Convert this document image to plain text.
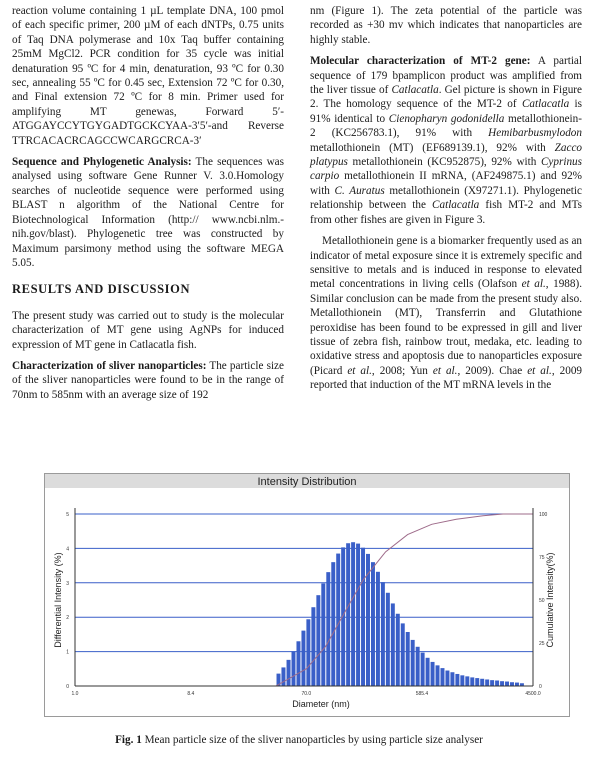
reaction volume containing 1 µL template DNA, 100 pmol of each specific primer, 200 µM of each dNTPs, 0.75 units of Taq DNA polymerase and 10x Taq buffer containing 25mM MgCl2. PCR condition for 35 cycle was initial denaturation 95 ºC for 4 min, denaturation, 93 ºC for 0.30 sec, annealing 55 ºC for 0.45 sec, Extension 72 ºC for 0.30, and Final extension 72 ºC for 8 min. Primer used for amplifying MT genewas, Forward 5′- ATGGAYCCYTGYGADTGCKCYAA-3′5′-and Reverse TTRCACACRCAGCCWCARGCRCA-3′

Sequence and Phylogenetic Analysis: The sequences was analysed using software Gene Runner V. 3.0.Homology searches of nucleotide sequence were performed using BLAST n algorithm of the National Centre for Biotechnological Information (http:// www.ncbi.nlm.-nih.gov/blast). Phylogenetic tree was constructed by Maximum parsimony method using the software MEGA 5.05.

RESULTS AND DISCUSSION

The present study was carried out to study is the molecular characterization of MT gene using AgNPs for induced expression of MT gene in Catlacatla fish.

Characterization of sliver nanoparticles: The particle size of the sliver nanoparticles were found to be in the range of 70nm to 585nm with an average size of 192

nm (Figure 1). The zeta potential of the particle was recorded as +30 mv which indicates that nanoparticles are highly stable.

Molecular characterization of MT-2 gene: A partial sequence of 179 bpamplicon product was amplified from the liver tissue of Catlacatla. Gel picture is shown in Figure 2. The homology sequence of the MT-2 of Catlacatla is 91% identical to Cienopharyn godonidella metallothionein-2 (KC256783.1), 91% with Hemibarbusmylodon metallothionein (MT) (EF689139.1), 92% with Zacco platypus metallothionein (KC952875), 92% with Cyprinus carpio metallothionein II mRNA, (AF249875.1) and 92% with C. Auratus metallothionein (X97271.1). Phylogenetic relationship between the Catlacatla fish MT-2 and MTs from other fishes are given in Figure 3.

Metallothionein gene is a biomarker frequently used as an indicator of metal exposure since it is extremely specific and sensitive to metals and is induced in response to elevated metal concentrations in living cells (Olafson et al., 1988). Similar conclusion can be made from the present study also. Metallothionein (MT), Transferrin and Glutathione peroxidise has been found to be expressed in gill and liver tissue of zebra fish, rainbow trout, medaka, etc. leading to oxidative stress and apoptosis due to nanoparticles exposure (Picard et al., 2008; Yun et al., 2009). Chae et al., 2009 reported that induction of the MT mRNA levels in the

Intensity Distribution
0
1
2
3
4
5
0
25
50
75
100
1.0	8.4	70.0	585.4	4500.0
Diameter (nm)
Differential Intensity (%)	Cumulative Intensity(%)
Fig. 1 Mean particle size of the sliver nanoparticles by using particle size analyser
